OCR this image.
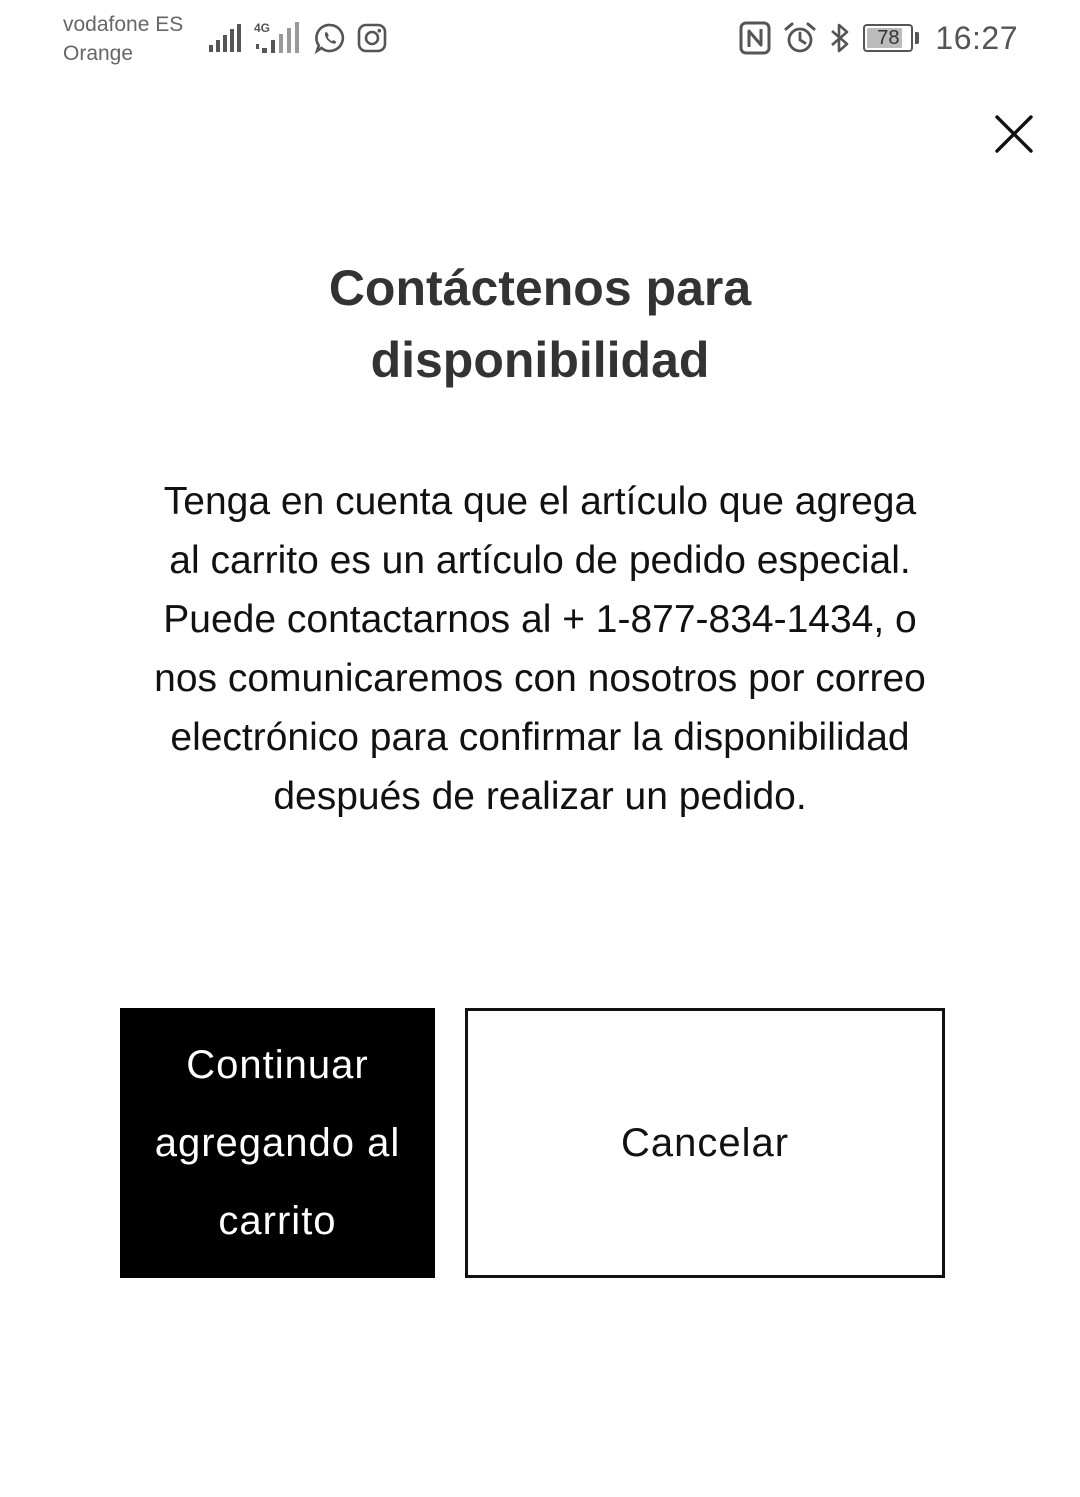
vodafone ES
Orange
4G	78	16:27
Contáctenos para disponibilidad

Tenga en cuenta que el artículo que agrega al carrito es un artículo de pedido especial. Puede contactarnos al + 1-877-834-1434, o nos comunicaremos con nosotros por correo electrónico para confirmar la disponibilidad después de realizar un pedido.

Continuar agregando al carrito
Cancelar
